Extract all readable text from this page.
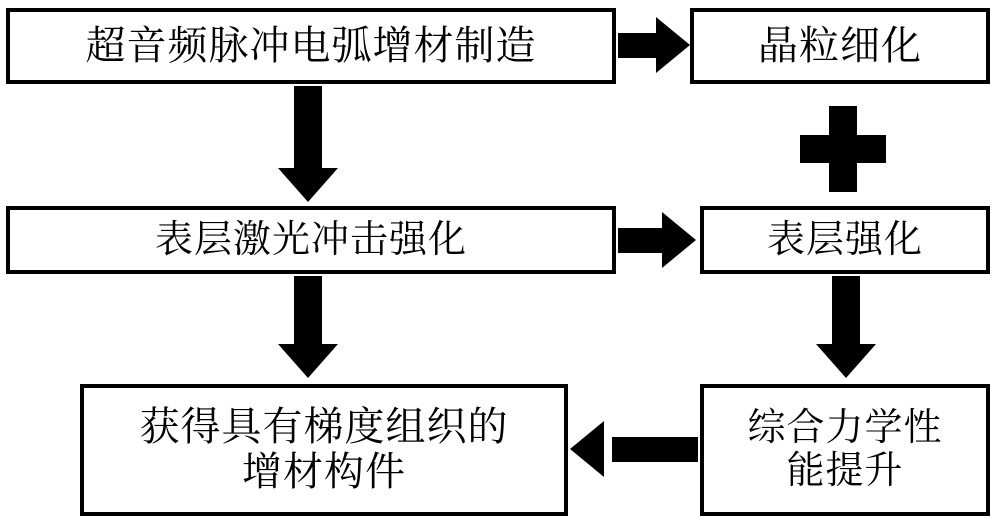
超音频脉冲电弧增材制造	晶粒细化
表层激光冲击强化	表层强化
获得具有梯度组织的
增材构件
综合力学性
能提升
